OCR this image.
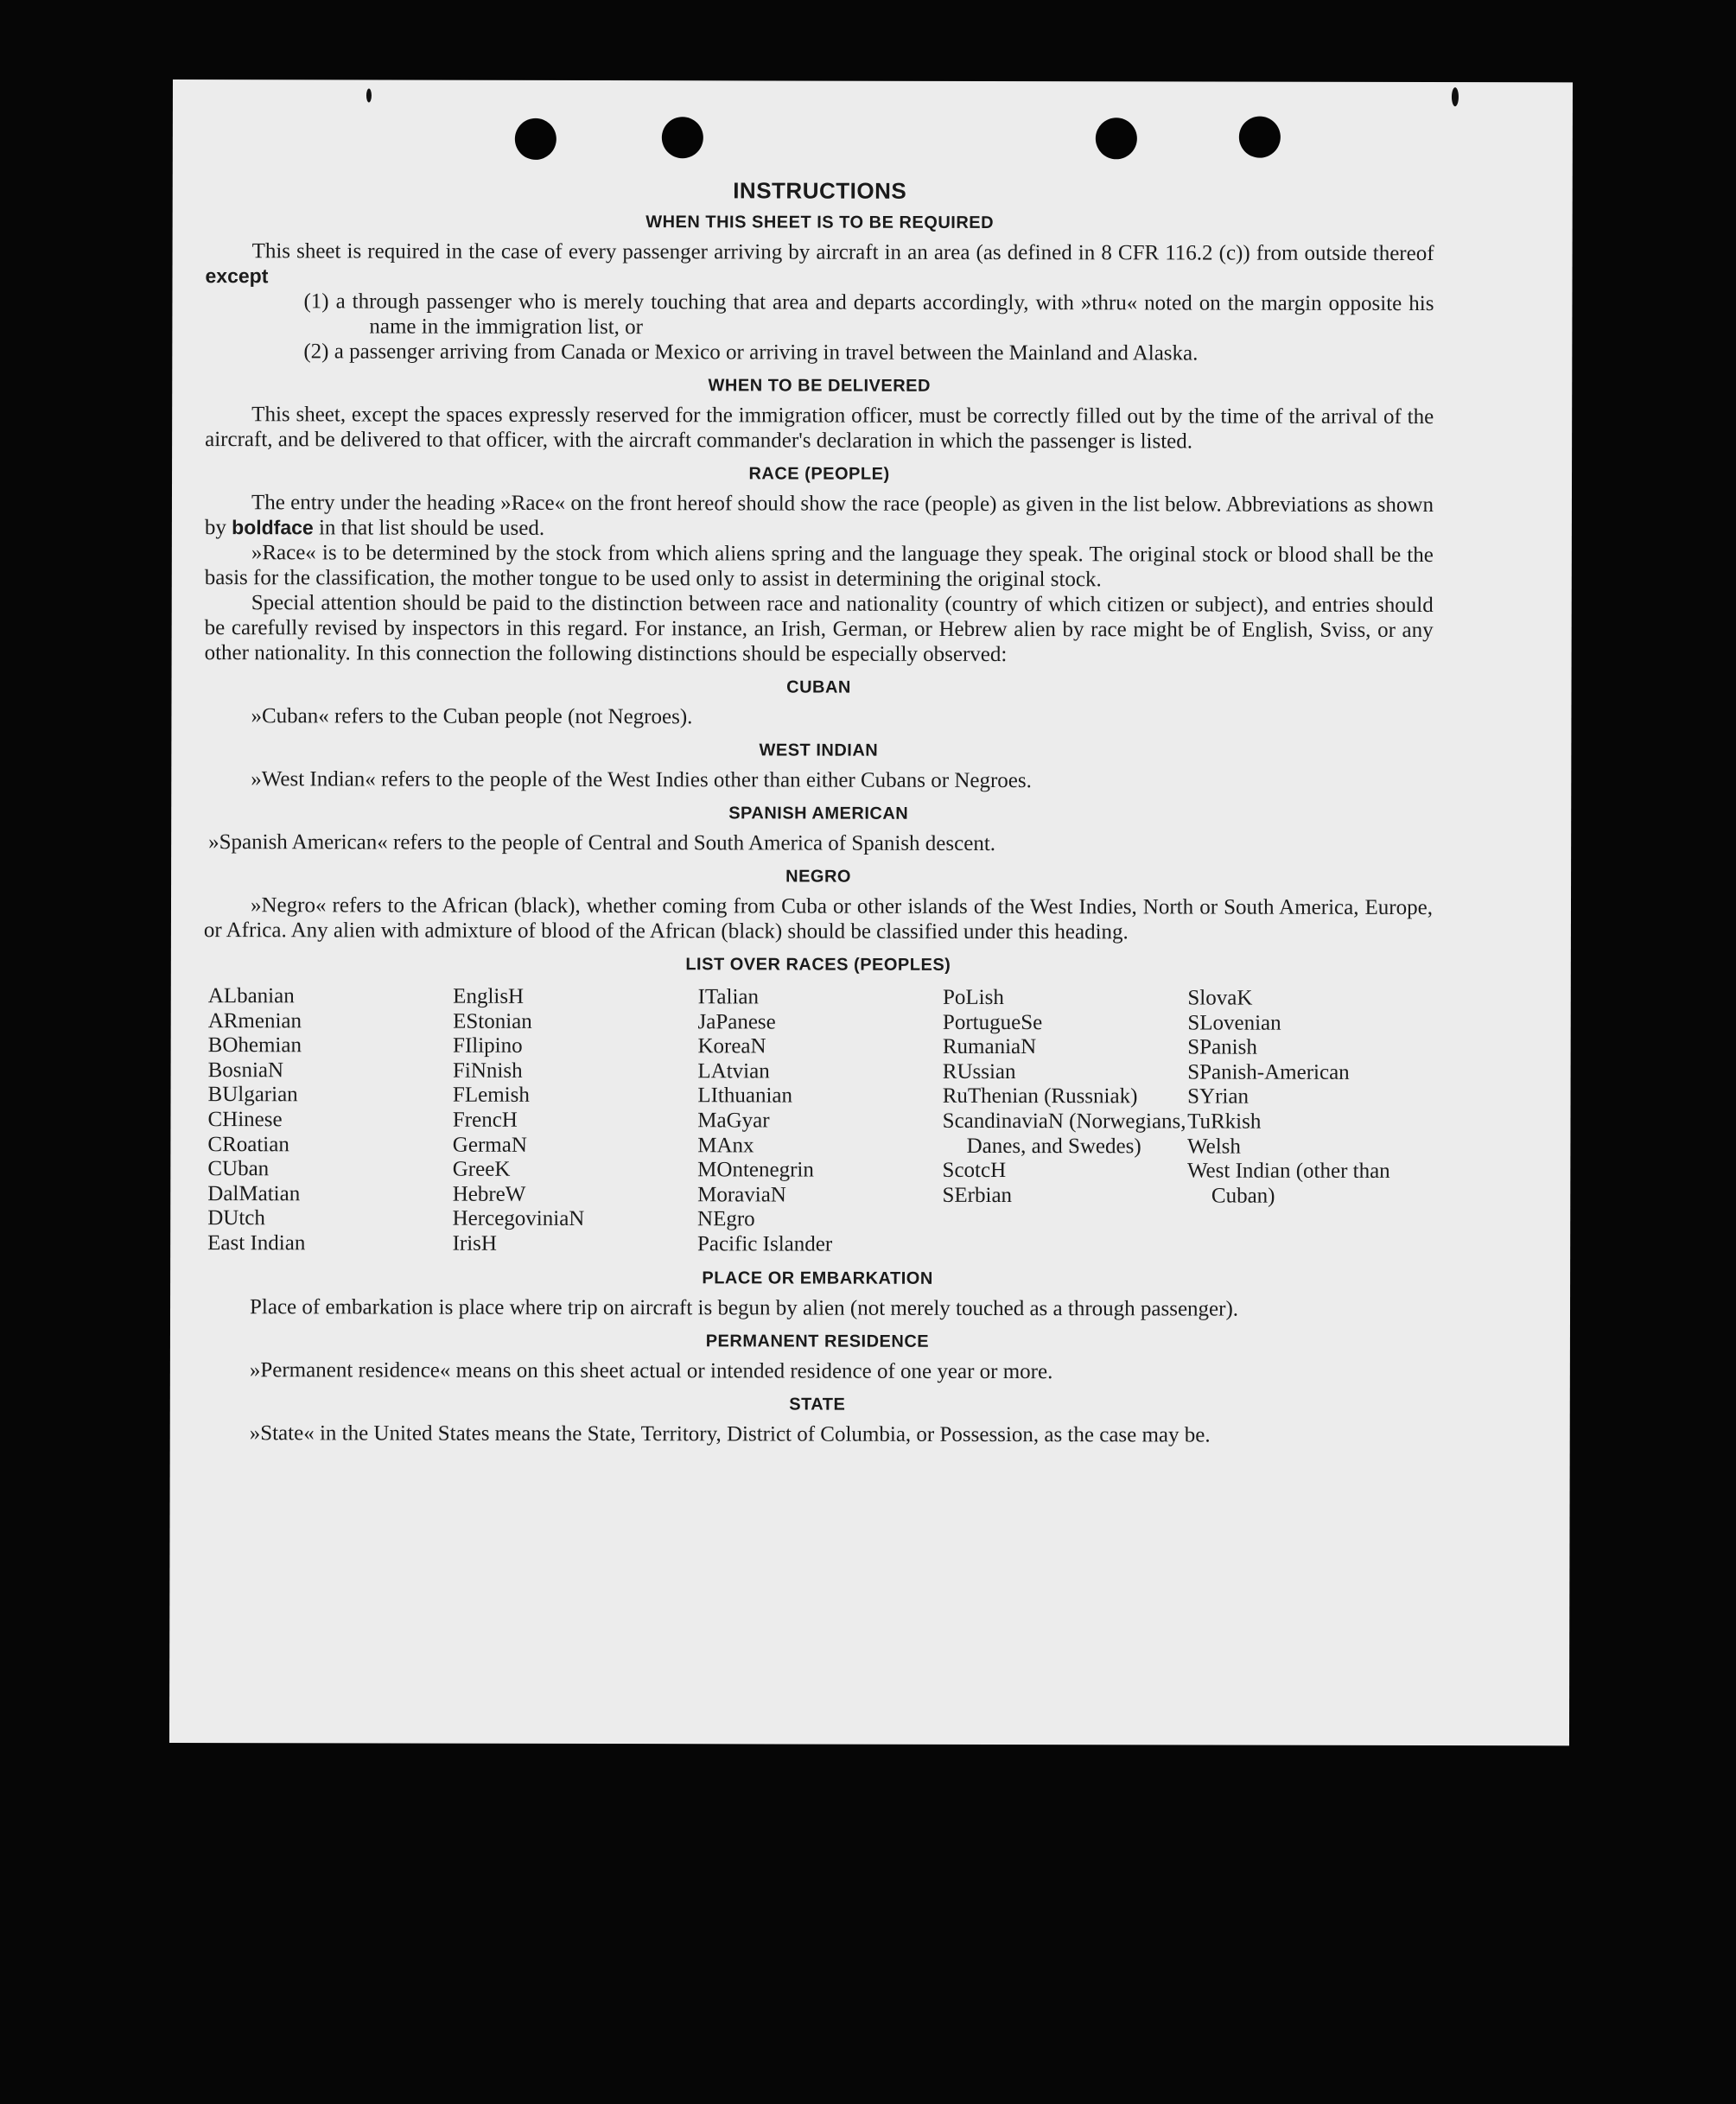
INSTRUCTIONS
WHEN THIS SHEET IS TO BE REQUIRED

This sheet is required in the case of every passenger arriving by aircraft in an area (as defined in 8 CFR 116.2 (c)) from outside thereof except

(1) a through passenger who is merely touching that area and departs accordingly, with »thru« noted on the margin opposite his name in the immigration list, or

(2) a passenger arriving from Canada or Mexico or arriving in travel between the Mainland and Alaska.

WHEN TO BE DELIVERED

This sheet, except the spaces expressly reserved for the immigration officer, must be correctly filled out by the time of the arrival of the aircraft, and be delivered to that officer, with the aircraft commander's declaration in which the passenger is listed.

RACE (PEOPLE)

The entry under the heading »Race« on the front hereof should show the race (people) as given in the list below. Abbreviations as shown by boldface in that list should be used.

»Race« is to be determined by the stock from which aliens spring and the language they speak. The original stock or blood shall be the basis for the classification, the mother tongue to be used only to assist in determining the original stock.

Special attention should be paid to the distinction between race and nationality (country of which citizen or subject), and entries should be carefully revised by inspectors in this regard. For instance, an Irish, German, or Hebrew alien by race might be of English, Sviss, or any other nationality. In this connection the following distinctions should be especially observed:

CUBAN

»Cuban« refers to the Cuban people (not Negroes).

WEST INDIAN

»West Indian« refers to the people of the West Indies other than either Cubans or Negroes.

SPANISH AMERICAN

»Spanish American« refers to the people of Central and South America of Spanish descent.

NEGRO

»Negro« refers to the African (black), whether coming from Cuba or other islands of the West Indies, North or South America, Europe, or Africa. Any alien with admixture of blood of the African (black) should be classified under this heading.

LIST OVER RACES (PEOPLES)
ALbanian
ARmenian
BOhemian
BosniaN
BUlgarian
CHinese
CRoatian
CUban
DalMatian
DUtch
East Indian
EnglisH
EStonian
FIlipino
FiNnish
FLemish
FrencH
GermaN
GreeK
HebreW
HercegoviniaN
IrisH
ITalian
JaPanese
KoreaN
LAtvian
LIthuanian
MaGyar
MAnx
MOntenegrin
MoraviaN
NEgro
Pacific Islander
PoLish
PortugueSe
RumaniaN
RUssian
RuThenian (Russniak)
ScandinaviaN (Norwegians, Danes, and Swedes)
ScotcH
SErbian
SlovaK
SLovenian
SPanish
SPanish-American
SYrian
TuRkish
Welsh
West Indian (other than Cuban)
PLACE OR EMBARKATION

Place of embarkation is place where trip on aircraft is begun by alien (not merely touched as a through passenger).

PERMANENT RESIDENCE

»Permanent residence« means on this sheet actual or intended residence of one year or more.

STATE

»State« in the United States means the State, Territory, District of Columbia, or Possession, as the case may be.
